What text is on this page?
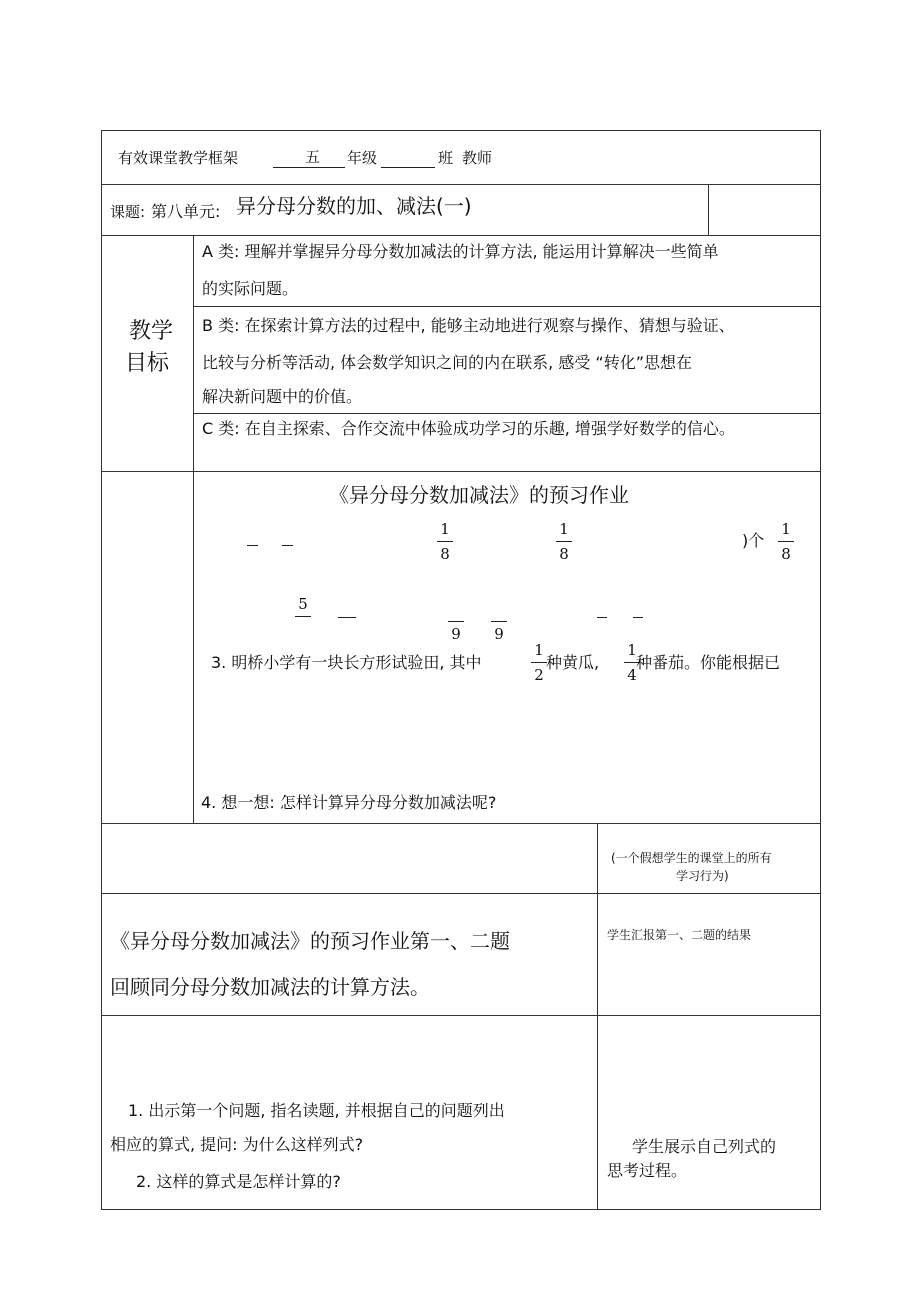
有效课堂教学框架	五 年级	班 教师
课题: 第八单元: 异分母分数的加、减法(一)
教学
目标
A 类: 理解并掌握异分母分数加减法的计算方法, 能运用计算解决一些简单
的实际问题。
B 类: 在探索计算方法的过程中, 能够主动地进行观察与操作、猜想与验证、
比较与分析等活动, 体会数学知识之间的内在联系, 感受 “转化”思想在
解决新问题中的价值。
C 类: 在自主探索、合作交流中体验成功学习的乐趣, 增强学好数学的信心。
《异分母分数加减法》的预习作业
1
8
1
8
)个
1
8
5

9
9
3. 明桥小学有一块长方形试验田, 其中
1
2
种黄瓜,
1
4
种番茄。你能根据已
4. 想一想: 怎样计算异分母分数加减法呢?
(一个假想学生的课堂上的所有
学习行为)
《异分母分数加减法》的预习作业第一、二题
回顾同分母分数加减法的计算方法。
学生汇报第一、二题的结果
1. 出示第一个问题, 指名读题, 并根据自己的问题列出
相应的算式, 提问: 为什么这样列式?
2. 这样的算式是怎样计算的?
学生展示自己列式的
思考过程。
